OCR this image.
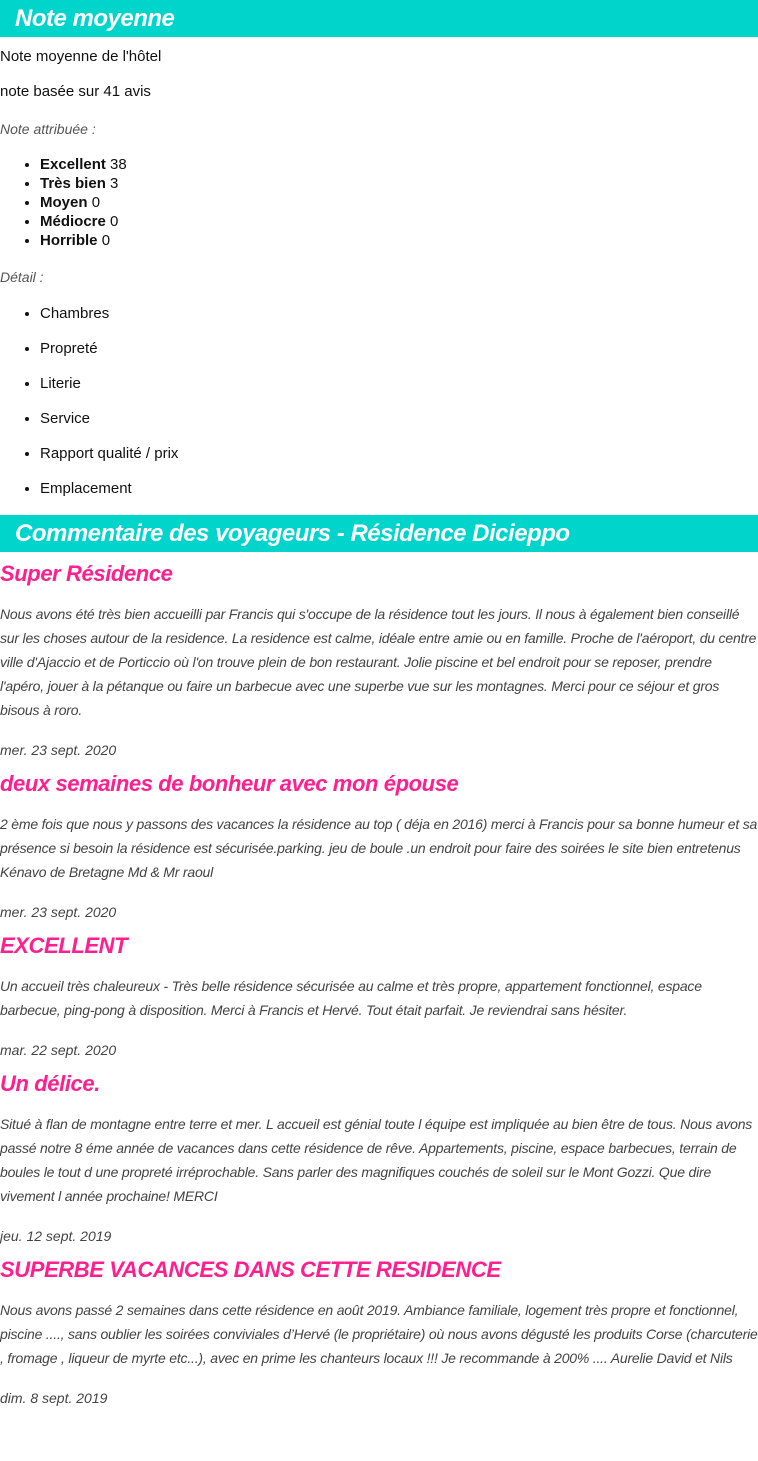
Note moyenne

Note moyenne de l'hôtel

note basée sur 41 avis

Note attribuée :

• Excellent 38
• Très bien 3
• Moyen 0
• Médiocre 0
• Horrible 0

Détail :

• Chambres
• Propreté
• Literie
• Service
• Rapport qualité / prix
• Emplacement
Commentaire des voyageurs - Résidence Dicieppo
Super Résidence

Nous avons été très bien accueilli par Francis qui s'occupe de la résidence tout les jours. Il nous à également bien conseillé sur les choses autour de la residence. La residence est calme, idéale entre amie ou en famille. Proche de l'aéroport, du centre ville d'Ajaccio et de Porticcio où l'on trouve plein de bon restaurant. Jolie piscine et bel endroit pour se reposer, prendre l'apéro, jouer à la pétanque ou faire un barbecue avec une superbe vue sur les montagnes. Merci pour ce séjour et gros bisous à roro.

mer. 23 sept. 2020

deux semaines de bonheur avec mon épouse

2 ème fois que nous y passons des vacances la résidence au top ( déja en 2016) merci à Francis pour sa bonne humeur et sa présence si besoin la résidence est sécurisée.parking. jeu de boule .un endroit pour faire des soirées le site bien entretenus Kénavo de Bretagne Md & Mr raoul

mer. 23 sept. 2020

EXCELLENT

Un accueil très chaleureux - Très belle résidence sécurisée au calme et très propre, appartement fonctionnel, espace barbecue, ping-pong à disposition. Merci à Francis et Hervé. Tout était parfait. Je reviendrai sans hésiter.

mar. 22 sept. 2020

Un délice.

Situé à flan de montagne entre terre et mer. L accueil est génial toute l équipe est impliquée au bien être de tous. Nous avons passé notre 8 éme année de vacances dans cette résidence de rêve. Appartements, piscine, espace barbecues, terrain de boules le tout d une propreté irréprochable. Sans parler des magnifiques couchés de soleil sur le Mont Gozzi. Que dire vivement l année prochaine! MERCI

jeu. 12 sept. 2019

SUPERBE VACANCES DANS CETTE RESIDENCE

Nous avons passé 2 semaines dans cette résidence en août 2019. Ambiance familiale, logement très propre et fonctionnel, piscine ...., sans oublier les soirées conviviales d’Hervé (le propriétaire) où nous avons dégusté les produits Corse (charcuterie , fromage , liqueur de myrte etc...), avec en prime les chanteurs locaux !!! Je recommande à 200% .... Aurelie David et Nils

dim. 8 sept. 2019
